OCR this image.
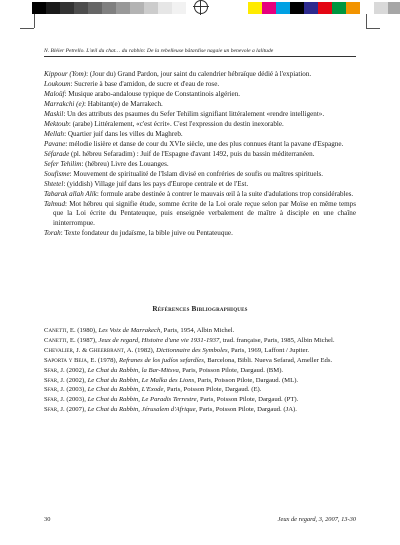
N. Bléier Petrello. L'œil du chat… du rabbin: De la rebelleuse bâtardise nagaie un benevole a lalitude

Kippour (Yom): (Jour du) Grand Pardon, jour saint du calendrier hébraïque dédié à l'expiation.

Loukoum: Sucrerie à base d'amidon, de sucre et d'eau de rose.

Maloüf: Musique arabo-andalouse typique de Constantinois algérien.

Marrakchi (e): Habitant(e) de Marrakech.

Maskil: Un des attributs des psaumes du Sefer Tehilim signifiant littéralement «rendre intelligent».

Mektoub: (arabe) Littéralement, «c'est écrit». C'est l'expression du destin inexorable.

Mellah: Quartier juif dans les villes du Maghreb.

Pavane: mélodie lisière et danse de cour du XVIe siècle, une des plus connues étant la pavane d'Espagne.

Séfarade (pl. hébreu Sefaradim) : Juif de l'Espagne d'avant 1492, puis du bassin méditerranéen.

Sefer Tehilim: (hébreu) Livre des Louanges.

Soufisme: Mouvement de spiritualité de l'Islam divisé en confréries de soufis ou maîtres spirituels.

Shtetel: (yiddish) Village juif dans les pays d'Europe centrale et de l'Est.

Tabarak allah Alik: formule arabe destinée à contrer le mauvais œil à la suite d'adulations trop considérables.

Talmud: Mot hébreu qui signifie étude, somme écrite de la Loi orale reçue selon par Moïse en même temps que la Loi écrite du Pentateuque, puis enseignée verbalement de maître à disciple en une chaîne ininterrompue.

Torah: Texte fondateur du judaïsme, la bible juive ou Pentateuque.

Références Bibliographiques

Canetti, E. (1980), Les Voix de Marrakech, Paris, 1954, Albin Michel.

Canetti, E. (1987), Jeux de regard, Histoire d'une vie 1931-1937, trad. française, Paris, 1985, Albin Michel.

Chevalier, J. & Gheerbrant, A. (1982), Dictionnaire des Symboles, Paris, 1969, Laffont / Jupiter.

Saporta y Beja, E. (1978), Refranes de los judíos sefardíes, Barcelona, Bibli. Nueva Sefarad, Ameller Eds.

Sfar, J. (2002), Le Chat du Rabbin, la Bar-Mitsva, Paris, Poisson Pilote, Dargaud. (BM).

Sfar, J. (2002), Le Chat du Rabbin, Le Malka des Lions, Paris, Poisson Pilote, Dargaud. (ML).

Sfar, J. (2003), Le Chat du Rabbin, L'Exode, Paris, Poisson Pilote, Dargaud. (E).

Sfar, J. (2003), Le Chat du Rabbin, Le Paradis Terrestre, Paris, Poisson Pilote, Dargaud. (PT).

Sfar, J. (2007), Le Chat du Rabbin, Jérusalem d'Afrique, Paris, Poisson Pilote, Dargaud. (JA).

30	Jeux de regard, 3, 2007, 13-30
